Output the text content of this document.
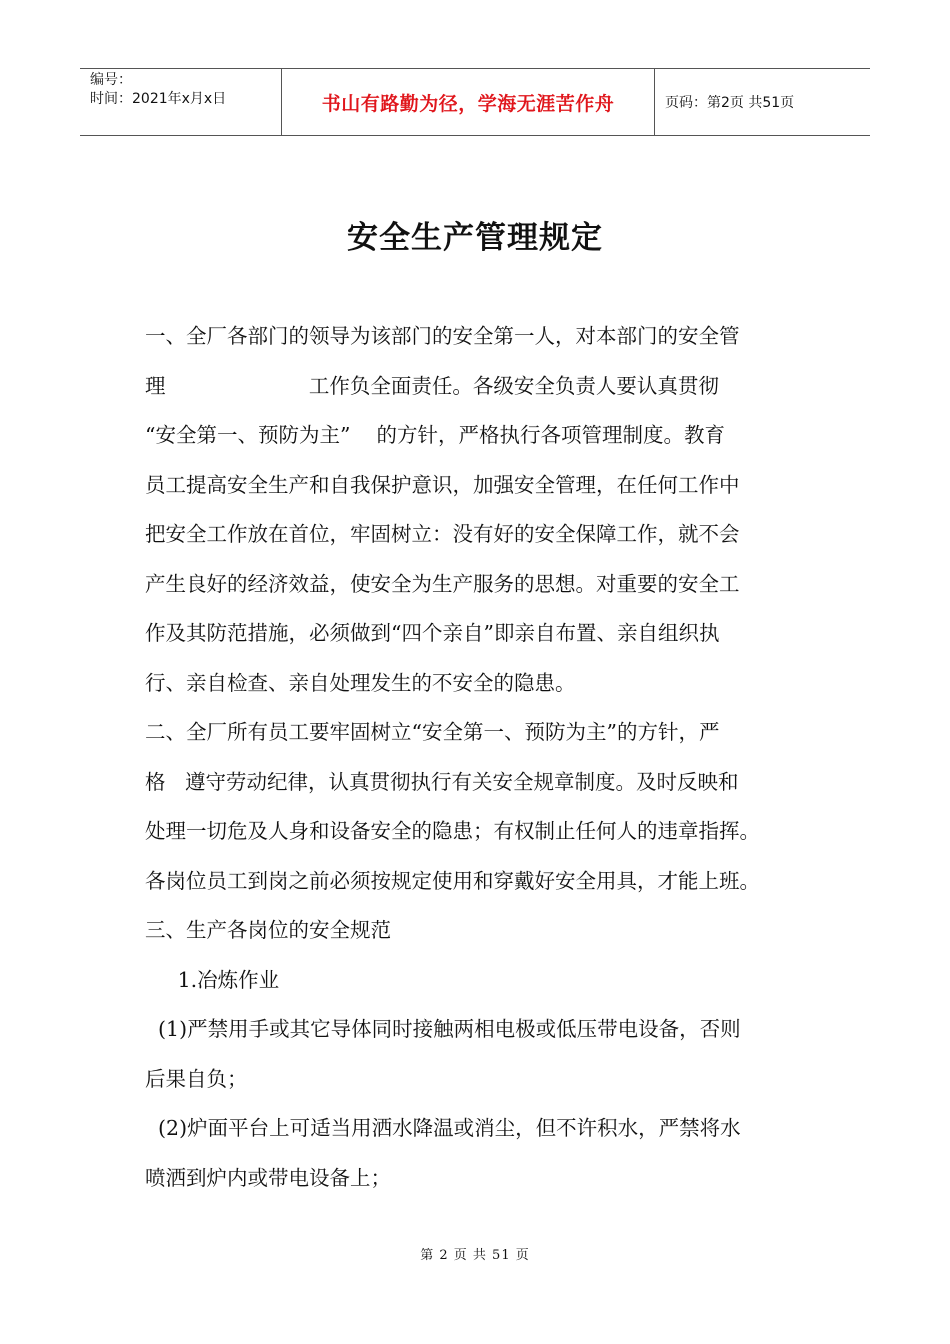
编号：
时间：2021年x月x日	书山有路勤为径，学海无涯苦作舟	页码：第2页 共51页
安全生产管理规定
一、全厂各部门的领导为该部门的安全第一人，对本部门的安全管
理                      工作负全面责任。各级安全负责人要认真贯彻
“安全第一、预防为主”    的方针，严格执行各项管理制度。教育
员工提高安全生产和自我保护意识，加强安全管理，在任何工作中
把安全工作放在首位，牢固树立：没有好的安全保障工作，就不会
产生良好的经济效益，使安全为生产服务的思想。对重要的安全工
作及其防范措施，必须做到“四个亲自”即亲自布置、亲自组织执
行、亲自检查、亲自处理发生的不安全的隐患。
二、全厂所有员工要牢固树立“安全第一、预防为主”的方针，严
格   遵守劳动纪律，认真贯彻执行有关安全规章制度。及时反映和
处理一切危及人身和设备安全的隐患；有权制止任何人的违章指挥。
各岗位员工到岗之前必须按规定使用和穿戴好安全用具，才能上班。
三、生产各岗位的安全规范
1.冶炼作业
(1)严禁用手或其它导体同时接触两相电极或低压带电设备，否则
后果自负；
(2)炉面平台上可适当用洒水降温或消尘，但不许积水，严禁将水
喷洒到炉内或带电设备上；
第 2 页 共 51 页
